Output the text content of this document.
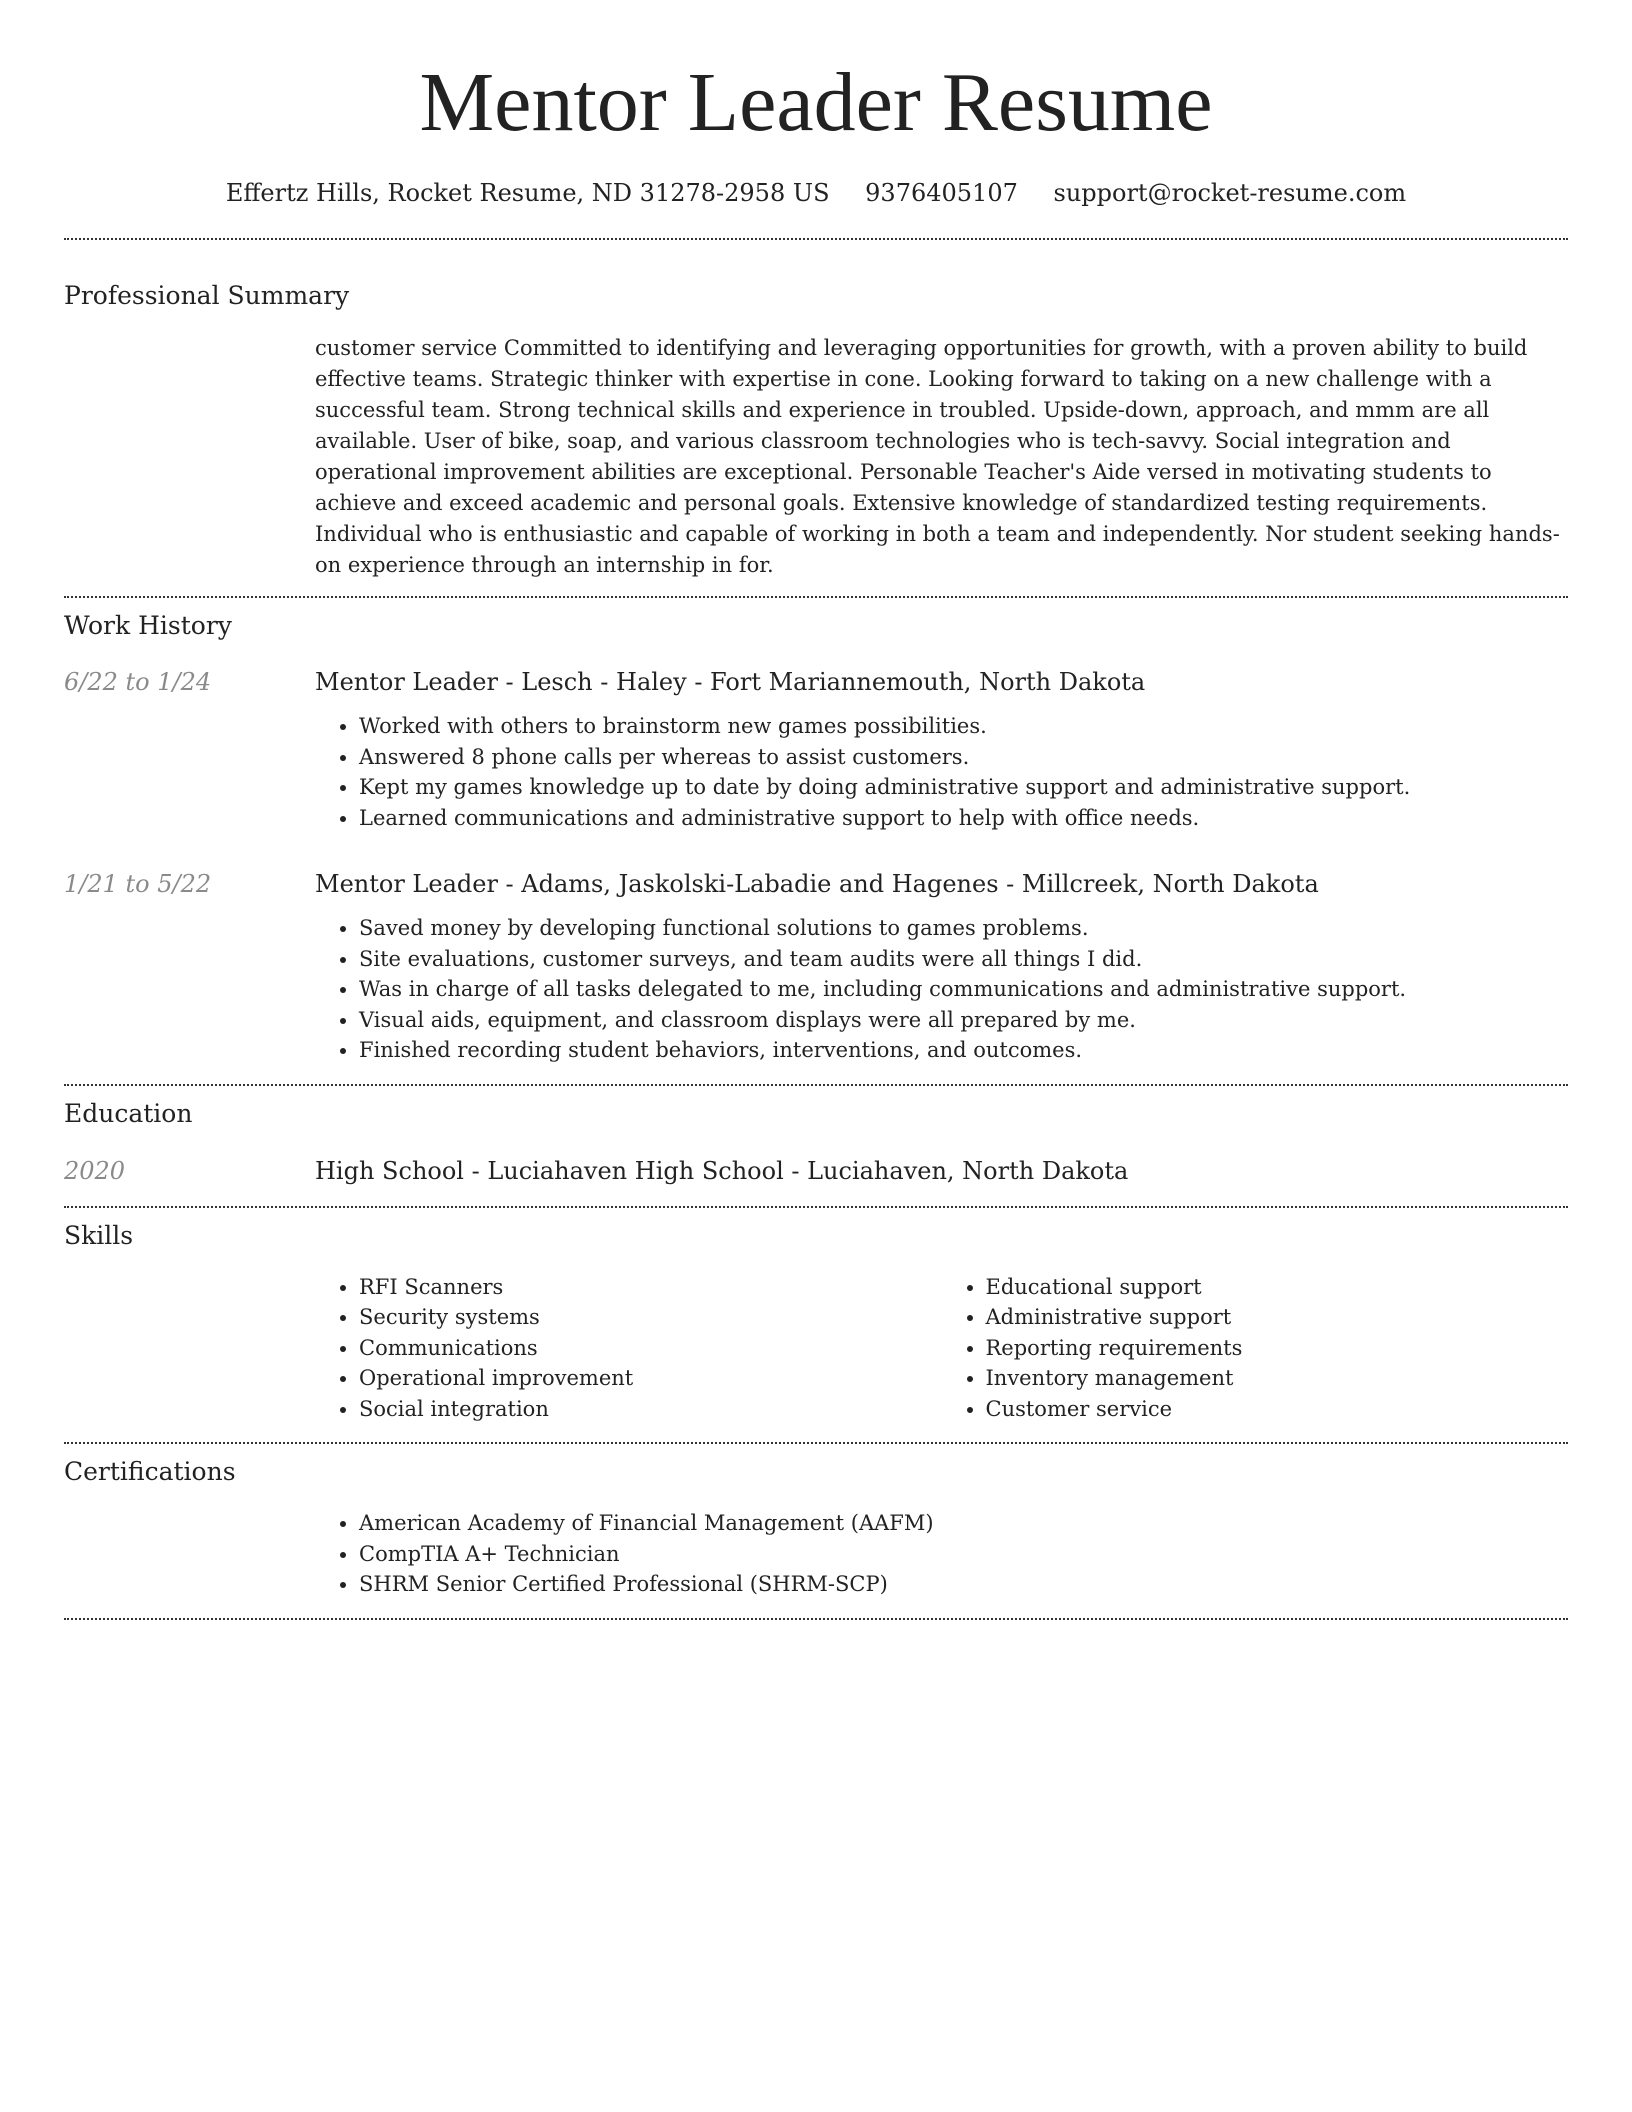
Mentor Leader Resume
Effertz Hills, Rocket Resume, ND 31278-2958 US 9376405107 support@rocket-resume.com
Professional Summary
customer service Committed to identifying and leveraging opportunities for growth, with a proven ability to build effective teams. Strategic thinker with expertise in cone. Looking forward to taking on a new challenge with a successful team. Strong technical skills and experience in troubled. Upside-down, approach, and mmm are all available. User of bike, soap, and various classroom technologies who is tech-savvy. Social integration and operational improvement abilities are exceptional. Personable Teacher's Aide versed in motivating students to achieve and exceed academic and personal goals. Extensive knowledge of standardized testing requirements. Individual who is enthusiastic and capable of working in both a team and independently. Nor student seeking hands-on experience through an internship in for.
Work History
6/22 to 1/24	Mentor Leader - Lesch - Haley - Fort Mariannemouth, North Dakota
• Worked with others to brainstorm new games possibilities.
• Answered 8 phone calls per whereas to assist customers.
• Kept my games knowledge up to date by doing administrative support and administrative support.
• Learned communications and administrative support to help with office needs.
1/21 to 5/22	Mentor Leader - Adams, Jaskolski-Labadie and Hagenes - Millcreek, North Dakota
• Saved money by developing functional solutions to games problems.
• Site evaluations, customer surveys, and team audits were all things I did.
• Was in charge of all tasks delegated to me, including communications and administrative support.
• Visual aids, equipment, and classroom displays were all prepared by me.
• Finished recording student behaviors, interventions, and outcomes.
Education
2020	High School - Luciahaven High School - Luciahaven, North Dakota
Skills
• RFI Scanners
• Security systems
• Communications
• Operational improvement
• Social integration
• Educational support
• Administrative support
• Reporting requirements
• Inventory management
• Customer service
Certifications
• American Academy of Financial Management (AAFM)
• CompTIA A+ Technician
• SHRM Senior Certified Professional (SHRM-SCP)
